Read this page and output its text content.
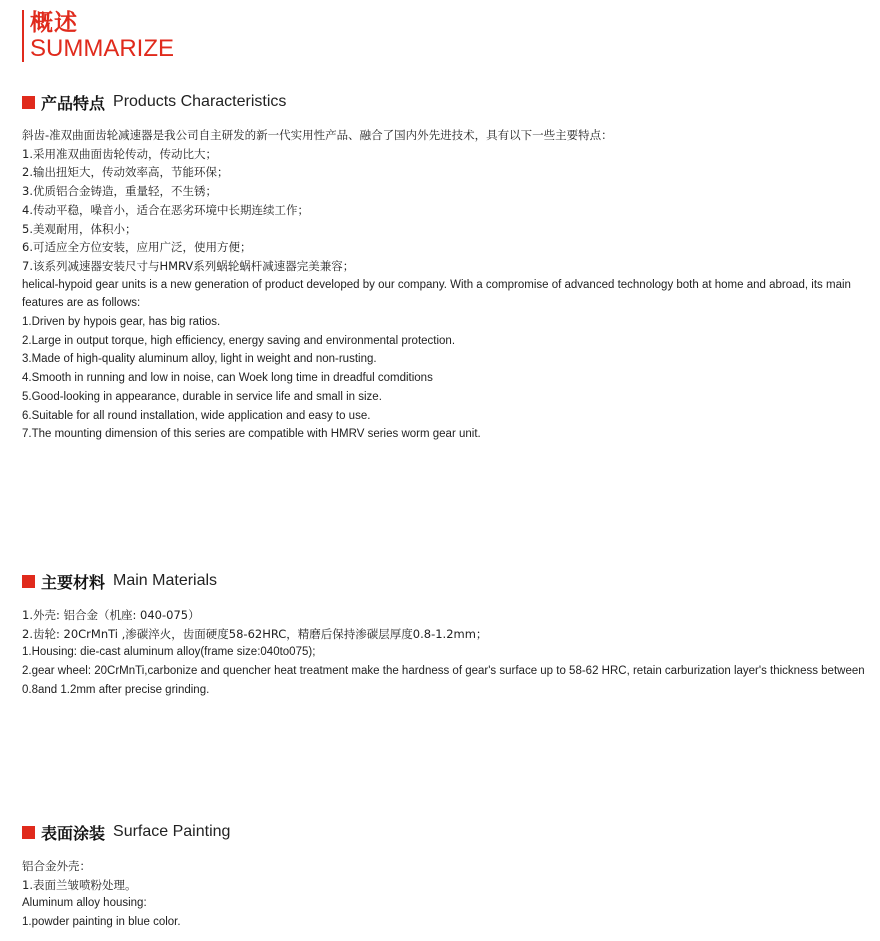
概述
SUMMARIZE
产品特点 Products Characteristics
斜齿-准双曲面齿轮减速器是我公司自主研发的新一代实用性产品、融合了国内外先进技术，具有以下一些主要特点：
1.采用准双曲面齿轮传动，传动比大；
2.输出扭矩大，传动效率高，节能环保；
3.优质铝合金铸造，重量轻，不生锈；
4.传动平稳，噪音小，适合在恶劣环境中长期连续工作；
5.美观耐用，体积小；
6.可适应全方位安装，应用广泛，使用方便；
7.该系列减速器安装尺寸与HMRV系列蜗轮蜗杆减速器完美兼容；
helical-hypoid gear units is a new generation of product developed by our company. With a compromise of advanced technology both at home and abroad, its main features are as follows:
1.Driven by hypois gear, has big ratios.
2.Large in output torque, high efficiency, energy saving and environmental protection.
3.Made of high-quality aluminum alloy, light in weight and non-rusting.
4.Smooth in running and low in noise, can Woek long time in dreadful comditions
5.Good-looking in appearance, durable in service life and small in size.
6.Suitable for all round installation, wide application and easy to use.
7.The mounting dimension of this series are compatible with HMRV series worm gear unit.
主要材料 Main Materials
1.外壳: 铝合金（机座: 040-075）
2.齿轮: 20CrMnTi ,渗碳淬火，齿面硬度58-62HRC，精磨后保持渗碳层厚度0.8-1.2mm；
1.Housing: die-cast aluminum alloy(frame size:040to075);
2.gear wheel: 20CrMnTi,carbonize and quencher heat treatment make the hardness of gear's surface up to 58-62 HRC, retain carburization layer's thickness between 0.8and 1.2mm after precise grinding.
表面涂装 Surface Painting
铝合金外壳：
1.表面兰皱喷粉处理。
Aluminum alloy housing:
1.powder painting in blue color.
